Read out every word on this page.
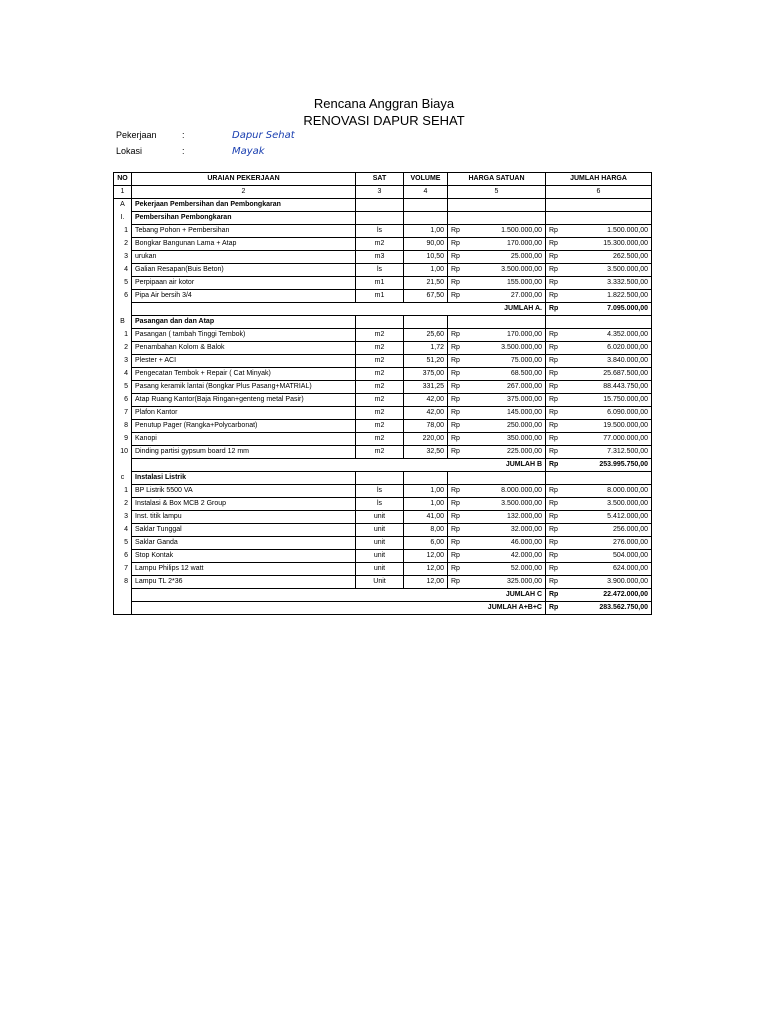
Rencana Anggran Biaya
RENOVASI DAPUR SEHAT
Pekerjaan	:	Dapur Sehat
Lokasi	:	Mayak
NO	URAIAN PEKERJAAN	SAT	VOLUME	HARGA SATUAN		JUMLAH HARGA	
1	2	3	4	5		6	
A	Pekerjaan Pembersihan dan Pembongkaran						
I.	Pembersihan Pembongkaran						
1	Tebang Pohon + Pembersihan	ls	1,00	Rp	1.500.000,00	Rp	1.500.000,00
2	Bongkar Bangunan Lama + Atap	m2	90,00	Rp	170.000,00	Rp	15.300.000,00
3	urukan	m3	10,50	Rp	25.000,00	Rp	262.500,00
4	Galian Resapan(Buis Beton)	ls	1,00	Rp	3.500.000,00	Rp	3.500.000,00
5	Perpipaan air kotor	m1	21,50	Rp	155.000,00	Rp	3.332.500,00
6	Pipa Air bersih 3/4	m1	67,50	Rp	27.000,00	Rp	1.822.500,00
	JUMLAH A.					Rp	7.095.000,00
B	Pasangan dan dan Atap						
1	Pasangan ( tambah Tinggi Tembok)	m2	25,60	Rp	170.000,00	Rp	4.352.000,00
2	Penambahan Kolom & Balok	m2	1,72	Rp	3.500.000,00	Rp	6.020.000,00
3	Plester + ACI	m2	51,20	Rp	75.000,00	Rp	3.840.000,00
4	Pengecatan Tembok + Repair ( Cat Minyak)	m2	375,00	Rp	68.500,00	Rp	25.687.500,00
5	Pasang keramik lantai (Bongkar Plus Pasang+MATRIAL)	m2	331,25	Rp	267.000,00	Rp	88.443.750,00
6	Atap Ruang Kantor(Baja Ringan+genteng metal Pasir)	m2	42,00	Rp	375.000,00	Rp	15.750.000,00
7	Plafon Kantor	m2	42,00	Rp	145.000,00	Rp	6.090.000,00
8	Penutup Pager (Rangka+Polycarbonat)	m2	78,00	Rp	250.000,00	Rp	19.500.000,00
9	Kanopi	m2	220,00	Rp	350.000,00	Rp	77.000.000,00
10	Dinding partisi gypsum board 12 mm	m2	32,50	Rp	225.000,00	Rp	7.312.500,00
	JUMLAH B					Rp	253.995.750,00
c	Instalasi Listrik						
1	BP Listrik 5500 VA	ls	1,00	Rp	8.000.000,00	Rp	8.000.000,00
2	Instalasi & Box MCB 2 Group	ls	1,00	Rp	3.500.000,00	Rp	3.500.000,00
3	Inst. titik lampu	unit	41,00	Rp	132.000,00	Rp	5.412.000,00
4	Saklar Tunggal	unit	8,00	Rp	32.000,00	Rp	256.000,00
5	Saklar Ganda	unit	6,00	Rp	46.000,00	Rp	276.000,00
6	Stop Kontak	unit	12,00	Rp	42.000,00	Rp	504.000,00
7	Lampu Philips 12 watt	unit	12,00	Rp	52.000,00	Rp	624.000,00
8	Lampu TL 2*36	Unit	12,00	Rp	325.000,00	Rp	3.900.000,00
	JUMLAH C					Rp	22.472.000,00
	JUMLAH A+B+C					Rp	283.562.750,00
